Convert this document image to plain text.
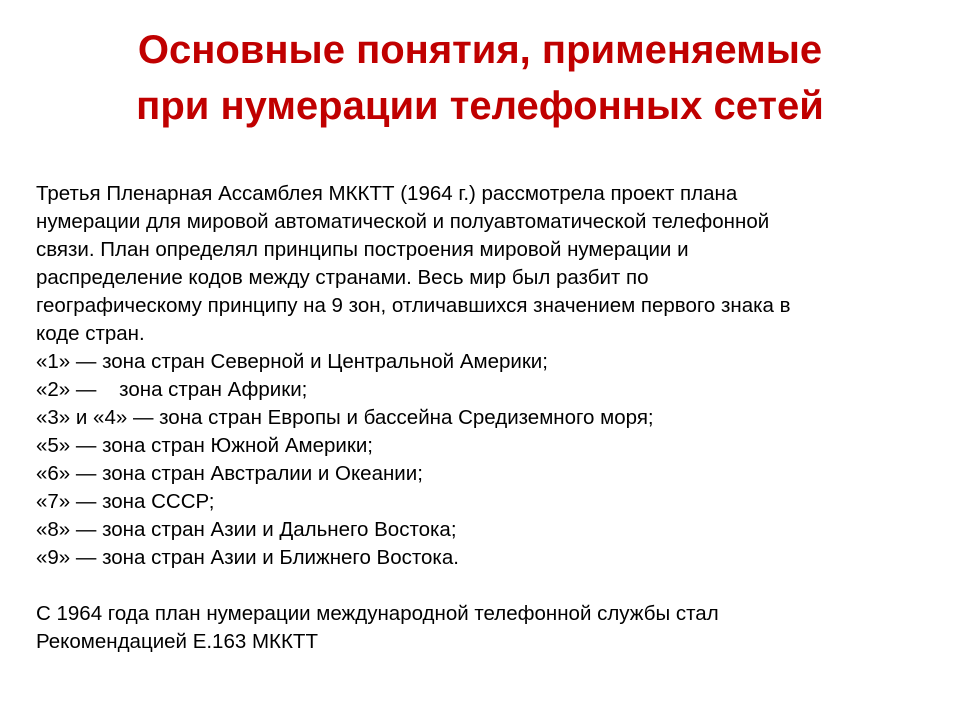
Основные понятия, применяемые
при нумерации телефонных сетей

Третья Пленарная Ассамблея МККТТ (1964 г.) рассмотрела проект плана
нумерации для мировой автоматической и полуавтоматической телефонной
связи. План определял принципы построения мировой нумерации и
распределение кодов между странами. Весь мир был разбит по
географическому принципу на 9 зон, отличавшихся значением первого знака в
коде стран.

«1» — зона стран Северной и Центральной Америки;
«2» —    зона стран Африки;
«3» и «4» — зона стран Европы и бассейна Средиземного моря;
«5» — зона стран Южной Америки;
«6» — зона стран Австралии и Океании;
«7» — зона СССР;
«8» — зона стран Азии и Дальнего Востока;
«9» — зона стран Азии и Ближнего Востока.

С 1964 года план нумерации международной телефонной службы стал
Рекомендацией Е.163 МККТТ
